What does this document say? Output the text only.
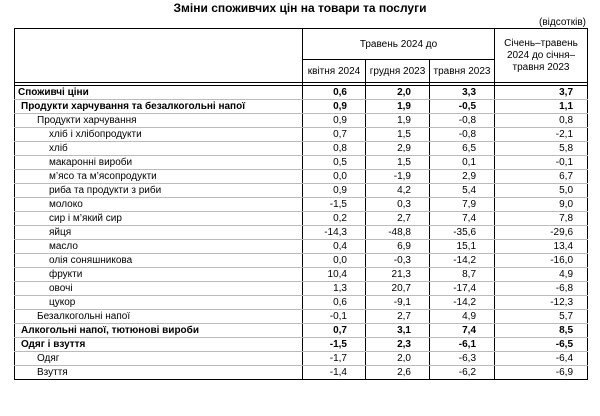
Зміни споживчих цін на товари та послуги
(відсотків)
	Травень 2024 до			Січень–травень 2024 до січня–травня 2023
	квітня 2024	грудня 2023	травня 2023	

Споживчі ціни	0,6	2,0	3,3	3,7
Продукти харчування та безалкогольні напої	0,9	1,9	-0,5	1,1
Продукти харчування	0,9	1,9	-0,8	0,8
хліб і хлібопродукти	0,7	1,5	-0,8	-2,1
хліб	0,8	2,9	6,5	5,8
макаронні вироби	0,5	1,5	0,1	-0,1
м’ясо та м’ясопродукти	0,0	-1,9	2,9	6,7
риба та продукти з риби	0,9	4,2	5,4	5,0
молоко	-1,5	0,3	7,9	9,0
сир і м’який сир	0,2	2,7	7,4	7,8
яйця	-14,3	-48,8	-35,6	-29,6
масло	0,4	6,9	15,1	13,4
олія соняшникова	0,0	-0,3	-14,2	-16,0
фрукти	10,4	21,3	8,7	4,9
овочі	1,3	20,7	-17,4	-6,8
цукор	0,6	-9,1	-14,2	-12,3
Безалкогольні напої	-0,1	2,7	4,9	5,7
Алкогольні напої, тютюнові вироби	0,7	3,1	7,4	8,5
Одяг і взуття	-1,5	2,3	-6,1	-6,5
Одяг	-1,7	2,0	-6,3	-6,4
Взуття	-1,4	2,6	-6,2	-6,9
